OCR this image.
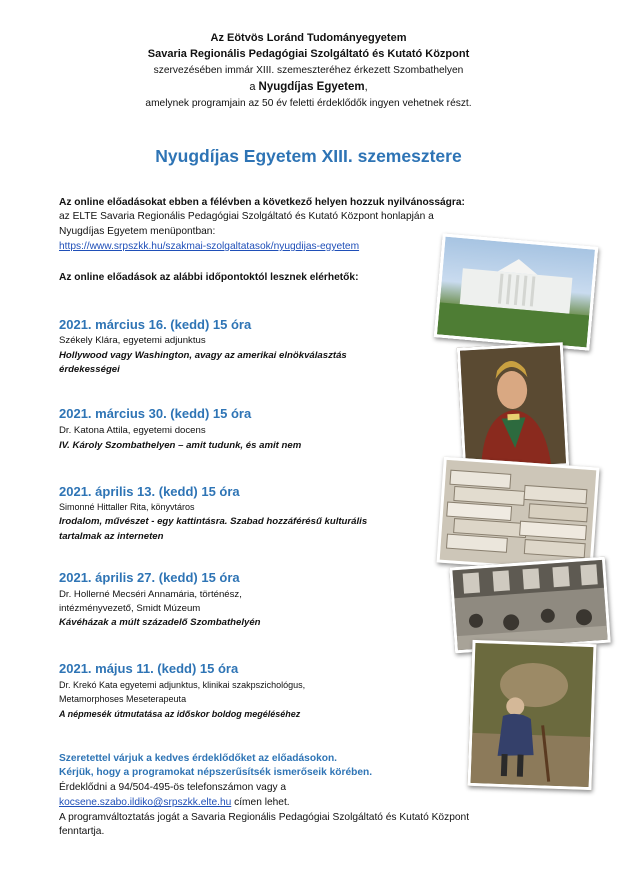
Az Eötvös Loránd Tudományegyetem
Savaria Regionális Pedagógiai Szolgáltató és Kutató Központ
szervezésében immár XIII. szemeszteréhez érkezett Szombathelyen
a Nyugdíjas Egyetem,
amelynek programjain az 50 év feletti érdeklődők ingyen vehetnek részt.
Nyugdíjas Egyetem XIII. szemesztere
Az online előadásokat ebben a félévben a következő helyen hozzuk nyilvánosságra:
az ELTE Savaria Regionális Pedagógiai Szolgáltató és Kutató Központ honlapján a
Nyugdíjas Egyetem menüpontban:
https://www.srpszkk.hu/szakmai-szolgaltatasok/nyugdijas-egyetem
Az online előadások az alábbi időpontoktól lesznek elérhetők:
2021. március 16. (kedd) 15 óra
Székely Klára, egyetemi adjunktus
Hollywood vagy Washington, avagy az amerikai elnökválasztás
érdekességei
2021. március 30. (kedd) 15 óra
Dr. Katona Attila, egyetemi docens
IV. Károly Szombathelyen – amit tudunk, és amit nem
2021. április 13. (kedd) 15 óra
Simonné Hittaller Rita, könyvtáros
Irodalom, művészet - egy kattintásra. Szabad hozzáférésű kulturális
tartalmak az interneten
2021. április 27. (kedd) 15 óra
Dr. Hollerné Mecséri Annamária, történész,
intézményvezető, Smidt Múzeum
Kávéházak a múlt századelő Szombathelyén
2021. május 11. (kedd) 15 óra
Dr. Krekó Kata egyetemi adjunktus, klinikai szakpszichológus,
Metamorphoses Meseterapeuta
A népmesék útmutatása az időskor boldog megéléséhez
Szeretettel várjuk a kedves érdeklődőket az előadásokon.
Kérjük, hogy a programokat népszerűsítsék ismerőseik körében.
Érdeklődni a 94/504-495-ös telefonszámon vagy a
kocsene.szabo.ildiko@srpszkk.elte.hu címen lehet.
A programváltoztatás jogát a Savaria Regionális Pedagógiai Szolgáltató és Kutató Központ
fenntartja.
